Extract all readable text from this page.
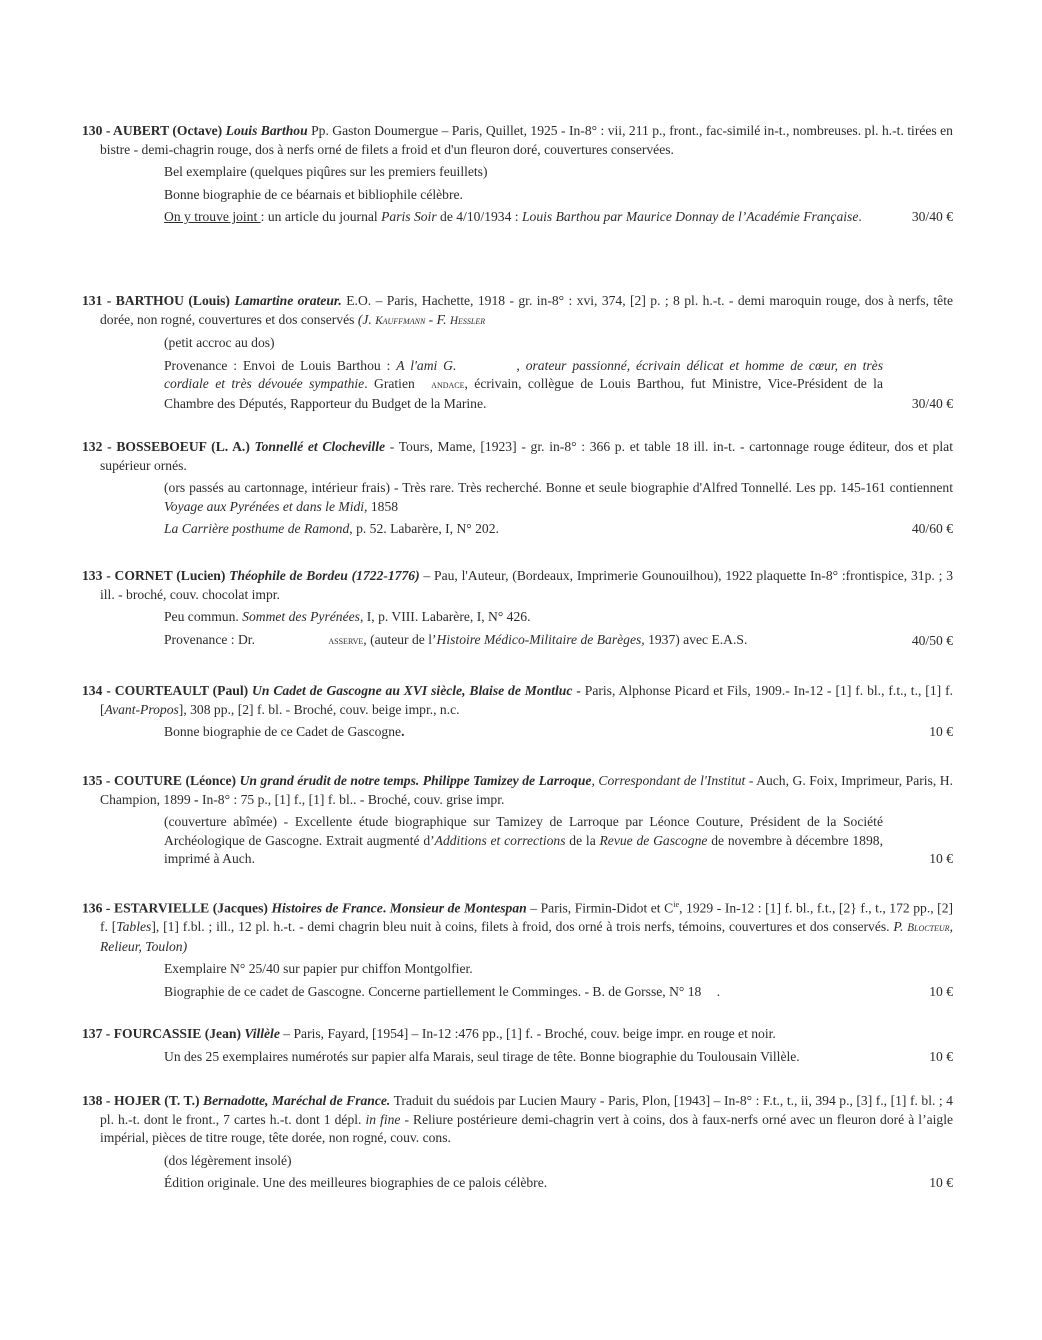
130 - AUBERT (Octave) Louis Barthou Pp. Gaston Doumergue – Paris, Quillet, 1925 - In-8° : vii, 211 p., front., fac-similé in-t., nombreuses. pl. h.-t. tirées en bistre - demi-chagrin rouge, dos à nerfs orné de filets a froid et d'un fleuron doré, couvertures conservées.

Bel exemplaire (quelques piqûres sur les premiers feuillets)

Bonne biographie de ce béarnais et bibliophile célèbre.

On y trouve joint : un article du journal Paris Soir de 4/10/1934 : Louis Barthou par Maurice Donnay de l’Académie Française.	30/40 €

131 - BARTHOU (Louis) Lamartine orateur. E.O. – Paris, Hachette, 1918 - gr. in-8° : xvi, 374, [2] p. ; 8 pl. h.-t. - demi maroquin rouge, dos à nerfs, tête dorée, non rogné, couvertures et dos conservés (J. Kauffmann - F. Hessler

(petit accroc au dos)

Provenance : Envoi de Louis Barthou : A l'ami G.	, orateur passionné, écrivain délicat et homme de cœur, en très cordiale et très dévouée sympathie. Gratien andace, écrivain, collègue de Louis Barthou, fut Ministre, Vice-Président de la Chambre des Députés, Rapporteur du Budget de la Marine.	30/40 €

132 - BOSSEBOEUF (L. A.) Tonnellé et Clocheville - Tours, Mame, [1923] - gr. in-8° : 366 p. et table 18 ill. in-t. - cartonnage rouge éditeur, dos et plat supérieur ornés.

(ors passés au cartonnage, intérieur frais) - Très rare. Très recherché. Bonne et seule biographie d'Alfred Tonnellé. Les pp. 145-161 contiennent Voyage aux Pyrénées et dans le Midi, 1858

La Carrière posthume de Ramond, p. 52. Labarère, I, N° 202.	40/60 €

133 - CORNET (Lucien) Théophile de Bordeu (1722-1776) – Pau, l'Auteur, (Bordeaux, Imprimerie Gounouilhou), 1922 plaquette In-8° :frontispice, 31p. ; 3 ill. - broché, couv. chocolat impr.

Peu commun. Sommet des Pyrénées, I, p. VIII. Labarère, I, N° 426.

Provenance : Dr.	asserve, (auteur de l’Histoire Médico-Militaire de Barèges, 1937) avec E.A.S.	40/50 €

134 - COURTEAULT (Paul) Un Cadet de Gascogne au XVI siècle, Blaise de Montluc - Paris, Alphonse Picard et Fils, 1909.- In-12 - [1] f. bl., f.t., t., [1] f. [Avant-Propos], 308 pp., [2] f. bl. - Broché, couv. beige impr., n.c.

Bonne biographie de ce Cadet de Gascogne.	10 €

135 - COUTURE (Léonce) Un grand érudit de notre temps. Philippe Tamizey de Larroque, Correspondant de l'Institut - Auch, G. Foix, Imprimeur, Paris, H. Champion, 1899 - In-8° : 75 p., [1] f., [1] f. bl.. - Broché, couv. grise impr.

(couverture abîmée) - Excellente étude biographique sur Tamizey de Larroque par Léonce Couture, Président de la Société Archéologique de Gascogne. Extrait augmenté d’Additions et corrections de la Revue de Gascogne de novembre à décembre 1898, imprimé à Auch.	10 €

136 - ESTARVIELLE (Jacques) Histoires de France. Monsieur de Montespan – Paris, Firmin-Didot et $C^{ie}$, 1929 - In-12 : [1] f. bl., f.t., [2} f., t., 172 pp., [2] f. [Tables], [1] f.bl. ; ill., 12 pl. h.-t. - demi chagrin bleu nuit à coins, filets à froid, dos orné à trois nerfs, témoins, couvertures et dos conservés. P. Blocteur, Relieur, Toulon)

Exemplaire N° 25/40 sur papier pur chiffon Montgolfier.

Biographie de ce cadet de Gascogne. Concerne partiellement le Comminges. - B. de Gorsse, N° 18 .	10 €

137 - FOURCASSIE (Jean) Villèle – Paris, Fayard, [1954] – In-12 :476 pp., [1] f. - Broché, couv. beige impr. en rouge et noir.

Un des 25 exemplaires numérotés sur papier alfa Marais, seul tirage de tête. Bonne biographie du Toulousain Villèle.	10 €

138 - HOJER (T. T.) Bernadotte, Maréchal de France. Traduit du suédois par Lucien Maury - Paris, Plon, [1943] – In-8° : F.t., t., ii, 394 p., [3] f., [1] f. bl. ; 4 pl. h.-t. dont le front., 7 cartes h.-t. dont 1 dépl. in fine - Reliure postérieure demi-chagrin vert à coins, dos à faux-nerfs orné avec un fleuron doré à l’aigle impérial, pièces de titre rouge, tête dorée, non rogné, couv. cons.

(dos légèrement insolé)

Édition originale. Une des meilleures biographies de ce palois célèbre.	10 €
